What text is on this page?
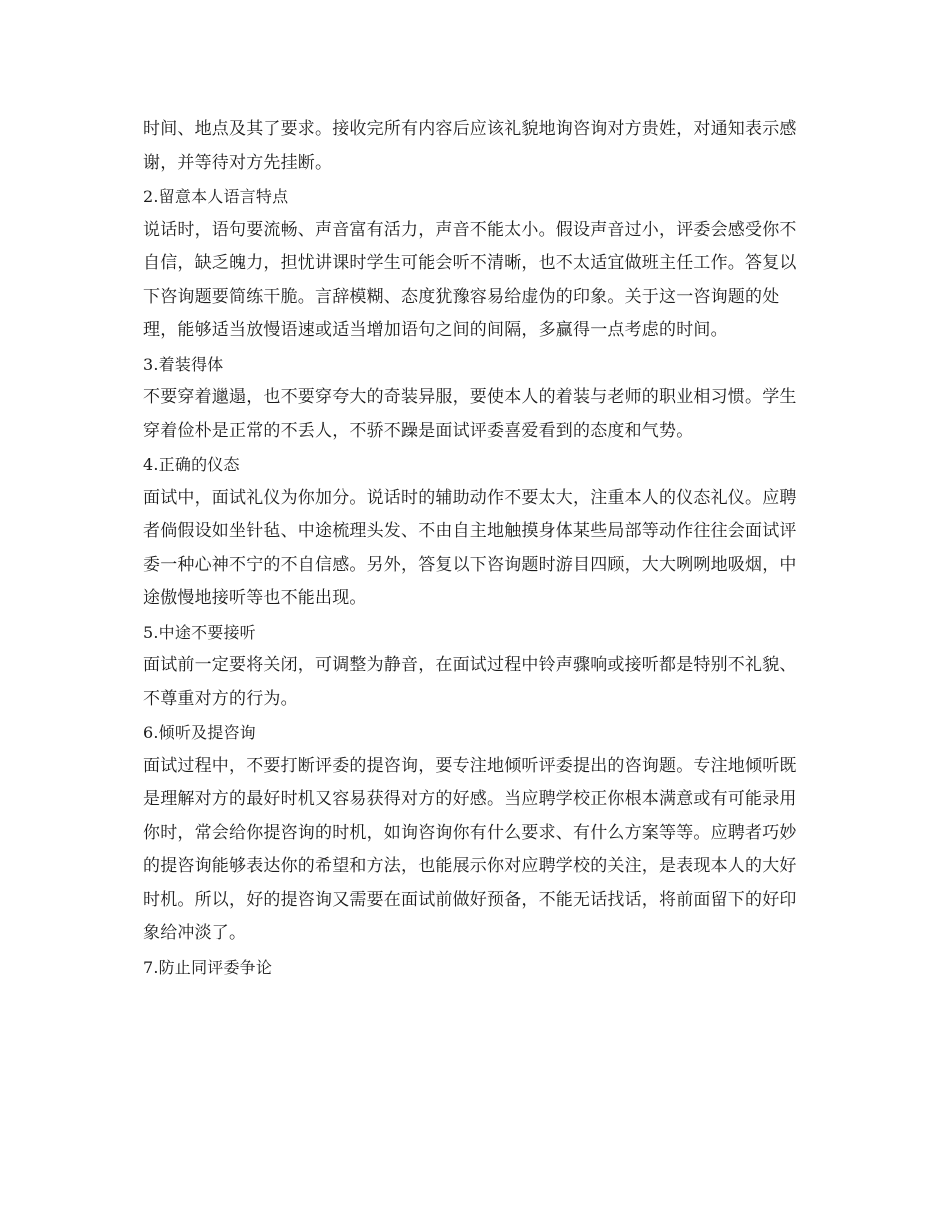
时间、地点及其了要求。接收完所有内容后应该礼貌地询咨询对方贵姓，对通知表示感谢，并等待对方先挂断。

2.留意本人语言特点

说话时，语句要流畅、声音富有活力，声音不能太小。假设声音过小，评委会感受你不自信，缺乏魄力，担忧讲课时学生可能会听不清晰，也不太适宜做班主任工作。答复以下咨询题要简练干脆。言辞模糊、态度犹豫容易给虚伪的印象。关于这一咨询题的处理，能够适当放慢语速或适当增加语句之间的间隔，多赢得一点考虑的时间。

3.着装得体

不要穿着邋遢，也不要穿夸大的奇装异服，要使本人的着装与老师的职业相习惯。学生穿着俭朴是正常的不丢人，不骄不躁是面试评委喜爱看到的态度和气势。

4.正确的仪态

面试中，面试礼仪为你加分。说话时的辅助动作不要太大，注重本人的仪态礼仪。应聘者倘假设如坐针毡、中途梳理头发、不由自主地触摸身体某些局部等动作往往会面试评委一种心神不宁的不自信感。另外，答复以下咨询题时游目四顾，大大咧咧地吸烟，中途傲慢地接听等也不能出现。

5.中途不要接听

面试前一定要将关闭，可调整为静音，在面试过程中铃声骤响或接听都是特别不礼貌、不尊重对方的行为。

6.倾听及提咨询

面试过程中，不要打断评委的提咨询，要专注地倾听评委提出的咨询题。专注地倾听既是理解对方的最好时机又容易获得对方的好感。当应聘学校正你根本满意或有可能录用你时，常会给你提咨询的时机，如询咨询你有什么要求、有什么方案等等。应聘者巧妙的提咨询能够表达你的希望和方法，也能展示你对应聘学校的关注，是表现本人的大好时机。所以，好的提咨询又需要在面试前做好预备，不能无话找话，将前面留下的好印象给冲淡了。

7.防止同评委争论
